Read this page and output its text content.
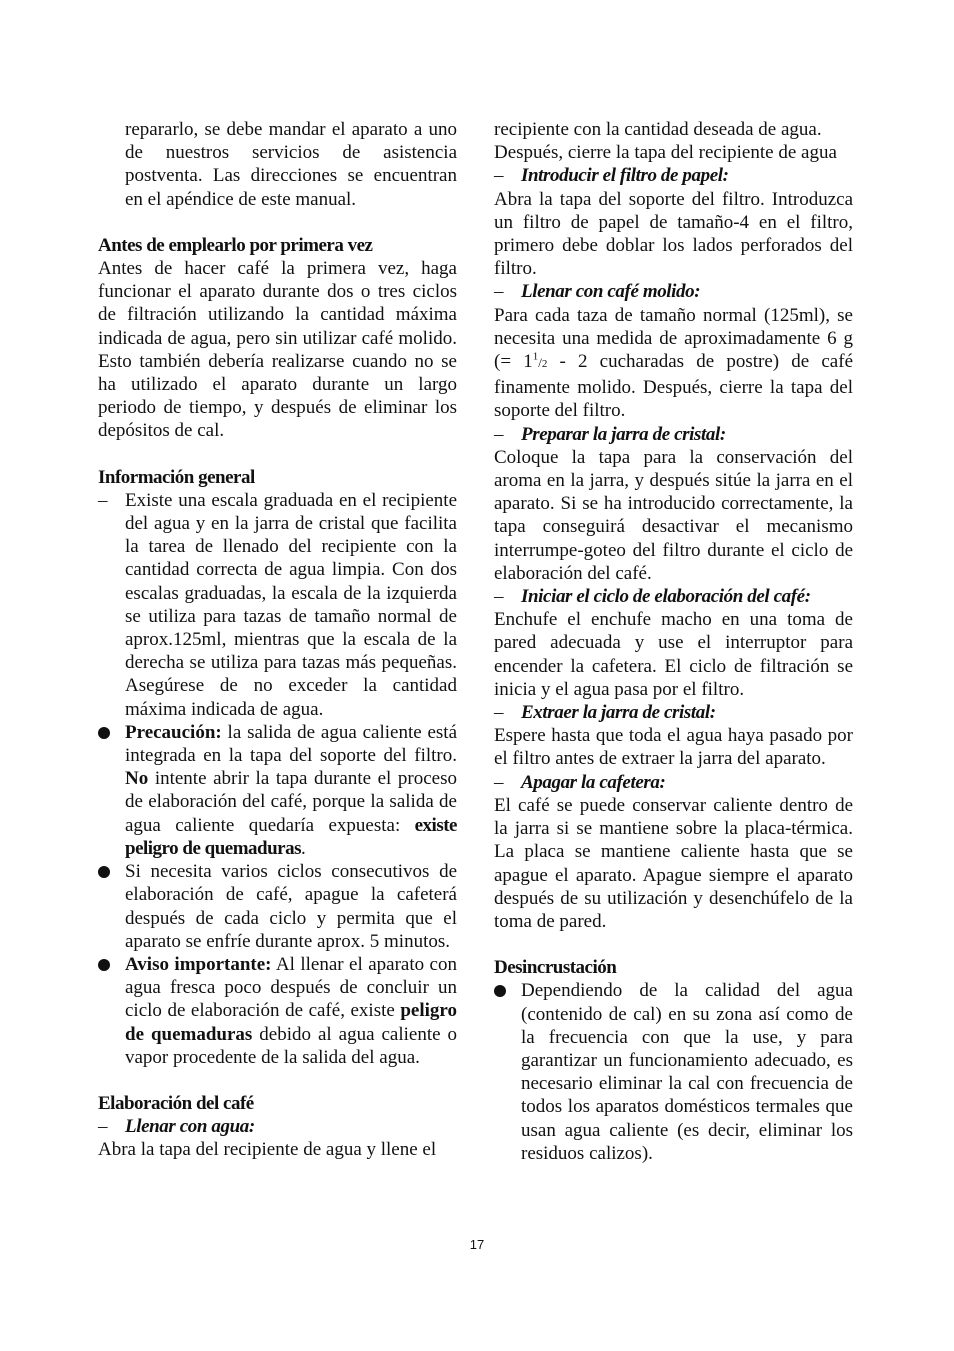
repararlo, se debe mandar el aparato a uno de nuestros servicios de asistencia postventa. Las direcciones se encuentran en el apéndice de este manual.

Antes de emplearlo por primera vez

Antes de hacer café la primera vez, haga funcionar el aparato durante dos o tres ciclos de filtración utilizando la cantidad máxima indicada de agua, pero sin utilizar café molido. Esto también debería realizarse cuando no se ha utilizado el aparato durante un largo periodo de tiempo, y después de eliminar los depósitos de cal.

Información general

– Existe una escala graduada en el recipiente del agua y en la jarra de cristal que facilita la tarea de llenado del recipiente con la cantidad correcta de agua limpia. Con dos escalas graduadas, la escala de la izquierda se utiliza para tazas de tamaño normal de aprox.125ml, mientras que la escala de la derecha se utiliza para tazas más pequeñas. Asegúrese de no exceder la cantidad máxima indicada de agua.

Precaución: la salida de agua caliente está integrada en la tapa del soporte del filtro. No intente abrir la tapa durante el proceso de elaboración del café, porque la salida de agua caliente quedaría expuesta: existe peligro de quemaduras.

Si necesita varios ciclos consecutivos de elaboración de café, apague la cafeterá después de cada ciclo y permita que el aparato se enfríe durante aprox. 5 minutos.

Aviso importante: Al llenar el aparato con agua fresca poco después de concluir un ciclo de elaboración de café, existe peligro de quemaduras debido al agua caliente o vapor procedente de la salida del agua.

Elaboración del café

– Llenar con agua:

Abra la tapa del recipiente de agua y llene el

recipiente con la cantidad deseada de agua. Después, cierre la tapa del recipiente de agua

– Introducir el filtro de papel:

Abra la tapa del soporte del filtro. Introduzca un filtro de papel de tamaño-4 en el filtro, primero debe doblar los lados perforados del filtro.

– Llenar con café molido:

Para cada taza de tamaño normal (125ml), se necesita una medida de aproximadamente 6 g (= $1^1/2 - 2$ cucharadas de postre) de café finamente molido. Después, cierre la tapa del soporte del filtro.

– Preparar la jarra de cristal:

Coloque la tapa para la conservación del aroma en la jarra, y después sitúe la jarra en el aparato. Si se ha introducido correctamente, la tapa conseguirá desactivar el mecanismo interrumpe-goteo del filtro durante el ciclo de elaboración del café.

– Iniciar el ciclo de elaboración del café:

Enchufe el enchufe macho en una toma de pared adecuada y use el interruptor para encender la cafetera. El ciclo de filtración se inicia y el agua pasa por el filtro.

– Extraer la jarra de cristal:

Espere hasta que toda el agua haya pasado por el filtro antes de extraer la jarra del aparato.

– Apagar la cafetera:

El café se puede conservar caliente dentro de la jarra si se mantiene sobre la placa-térmica. La placa se mantiene caliente hasta que se apague el aparato. Apague siempre el aparato después de su utilización y desenchúfelo de la toma de pared.

Desincrustación

Dependiendo de la calidad del agua (contenido de cal) en su zona así como de la frecuencia con que la use, y para garantizar un funcionamiento adecuado, es necesario eliminar la cal con frecuencia de todos los aparatos domésticos termales que usan agua caliente (es decir, eliminar los residuos calizos).

17
